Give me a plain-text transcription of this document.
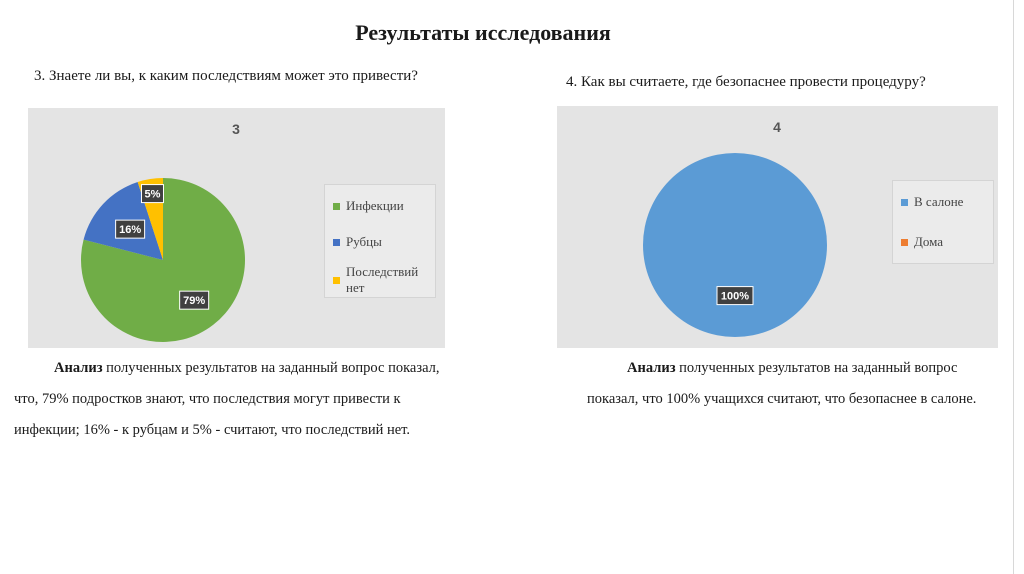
Результаты исследования
3. Знаете ли вы, к каким последствиям может это привести?	4. Как вы считаете, где безопаснее провести процедуру?
3
79%
16%
5%
Инфекции
Рубцы
Последствий нет
4
100%
В салоне
Дома
Анализ полученных результатов на заданный вопрос показал, что, 79% подростков знают, что последствия могут привести к инфекции; 16% - к рубцам и 5% - считают, что последствий нет.
Анализ полученных результатов на заданный вопрос показал, что 100% учащихся считают, что безопаснее в салоне.
